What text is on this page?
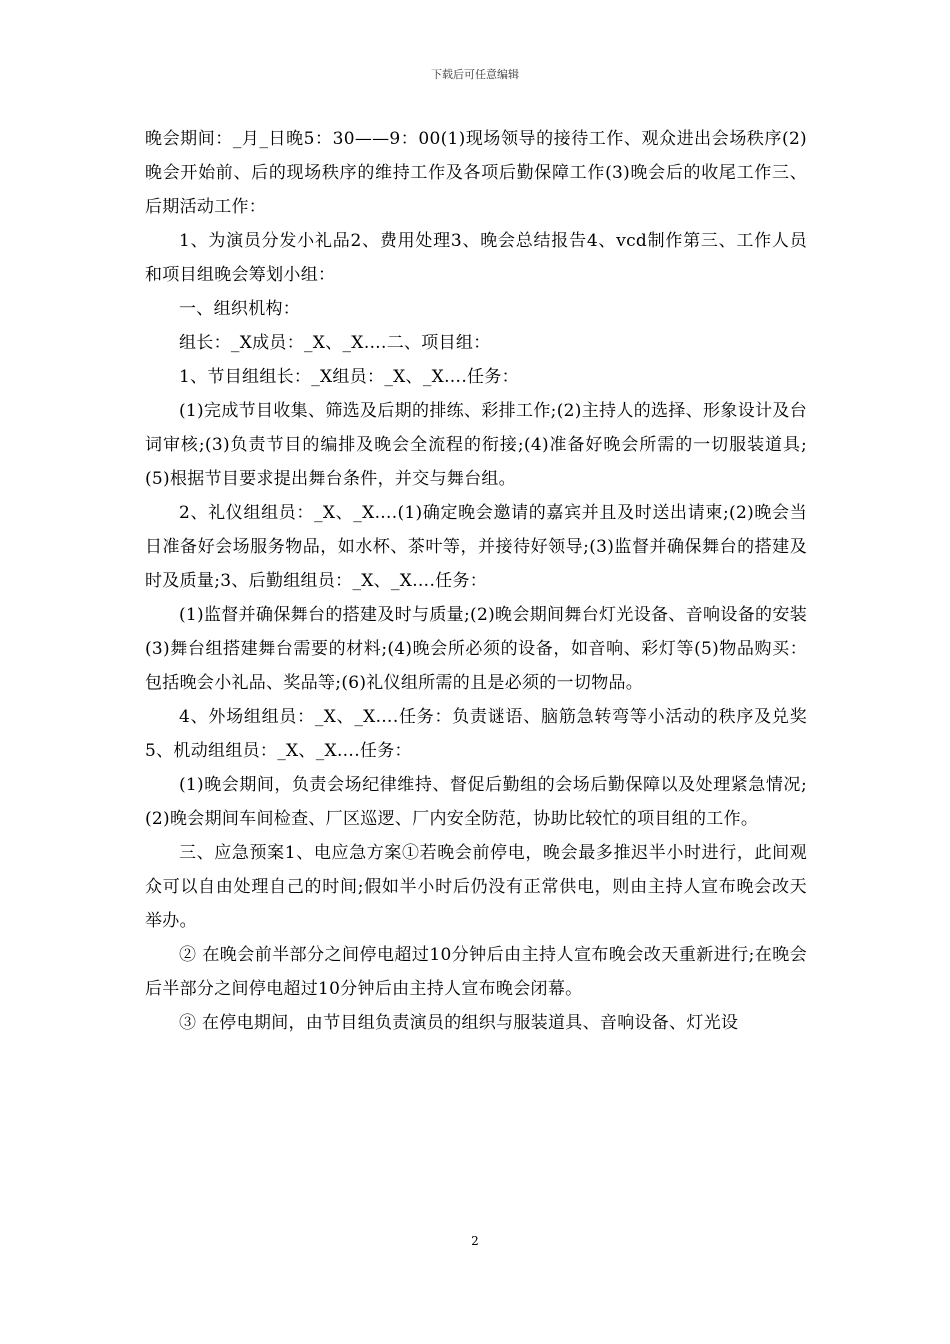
下载后可任意编辑

晚会期间：_月_日晚5：30——9：00(1)现场领导的接待工作、观众进出会场秩序(2)晚会开始前、后的现场秩序的维持工作及各项后勤保障工作(3)晚会后的收尾工作三、后期活动工作：

1、为演员分发小礼品2、费用处理3、晚会总结报告4、vcd制作第三、工作人员和项目组晚会筹划小组：

一、组织机构：

组长：_X成员：_X、_X….二、项目组：

1、节目组组长：_X组员：_X、_X….任务：

(1)完成节目收集、筛选及后期的排练、彩排工作;(2)主持人的选择、形象设计及台词审核;(3)负责节目的编排及晚会全流程的衔接;(4)准备好晚会所需的一切服装道具;(5)根据节目要求提出舞台条件，并交与舞台组。

2、礼仪组组员：_X、_X….(1)确定晚会邀请的嘉宾并且及时送出请柬;(2)晚会当日准备好会场服务物品，如水杯、茶叶等，并接待好领导;(3)监督并确保舞台的搭建及时及质量;3、后勤组组员：_X、_X….任务：

(1)监督并确保舞台的搭建及时与质量;(2)晚会期间舞台灯光设备、音响设备的安装(3)舞台组搭建舞台需要的材料;(4)晚会所必须的设备，如音响、彩灯等(5)物品购买：包括晚会小礼品、奖品等;(6)礼仪组所需的且是必须的一切物品。

4、外场组组员：_X、_X….任务：负责谜语、脑筋急转弯等小活动的秩序及兑奖5、机动组组员：_X、_X….任务：

(1)晚会期间，负责会场纪律维持、督促后勤组的会场后勤保障以及处理紧急情况;(2)晚会期间车间检查、厂区巡逻、厂内安全防范，协助比较忙的项目组的工作。

三、应急预案1、电应急方案①若晚会前停电，晚会最多推迟半小时进行，此间观众可以自由处理自己的时间;假如半小时后仍没有正常供电，则由主持人宣布晚会改天举办。

② 在晚会前半部分之间停电超过10分钟后由主持人宣布晚会改天重新进行;在晚会后半部分之间停电超过10分钟后由主持人宣布晚会闭幕。

③ 在停电期间，由节目组负责演员的组织与服装道具、音响设备、灯光设

2
